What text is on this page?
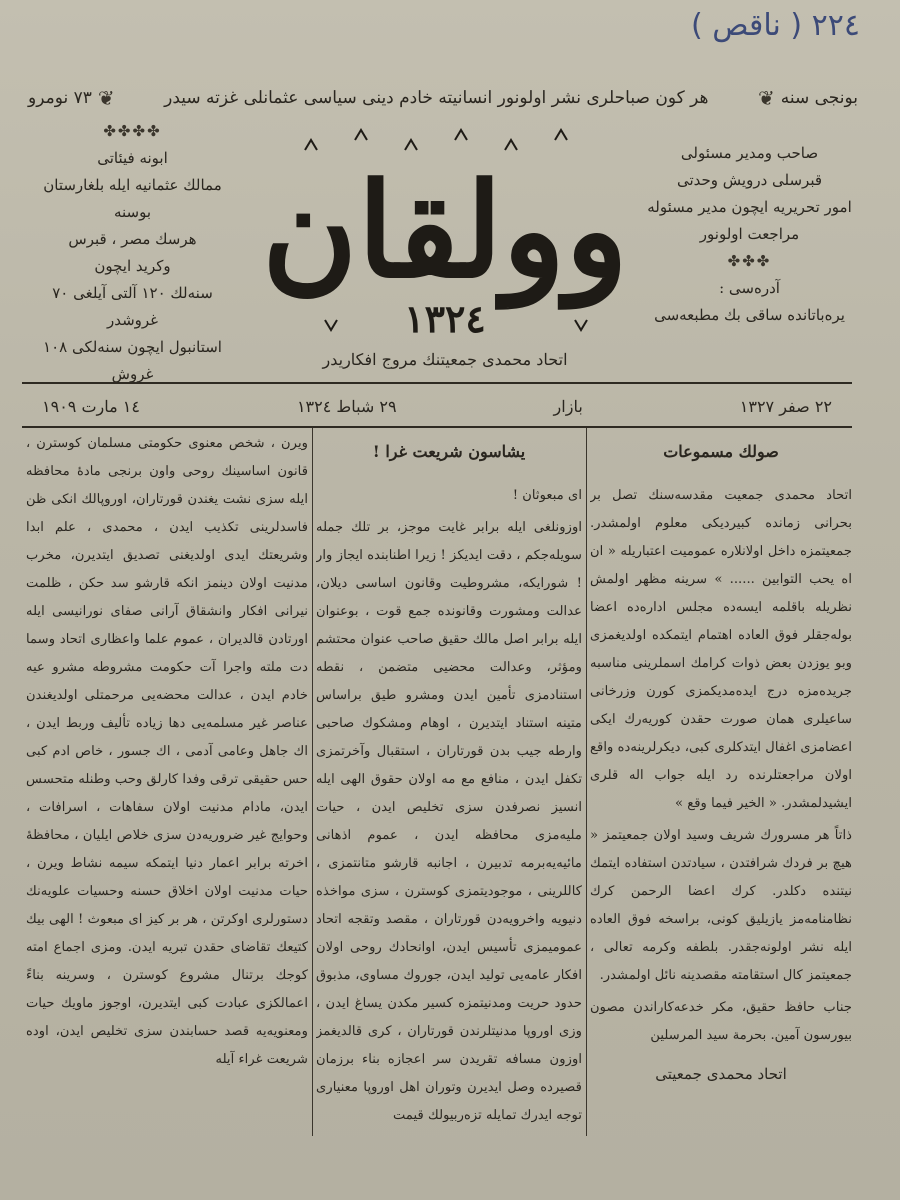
٢٢٤ ( ناقص )
بونجی سنه
❦
هر كون صباحلری نشر اولونور انسانیته خادم دینی سیاسی عثمانلی غزته سیدر
❦
٧٣ نومرو
✤✤✤✤
ابونه فیئاتی
ممالك عثمانیه ایله بلغارستان بوسنه
هرسك مصر ، قبرس
وكرید ایچون
سنه‌لك ١٢٠ آلتی آیلغی ٧٠
غروشدر
استانبول ایچون سنه‌لكی ١٠٨
غروش
صاحب ومدیر مسئولی
قبرسلی درویش وحدتی
امور تحریریه ایچون مدیر مسئوله
مراجعت اولونور
✤✤✤
آدره‌سی :
یره‌باتانده ساقی بك مطبعه‌سی
وولقان
١٣٢٤
اتحاد محمدی جمعیتنك مروج افكاریدر
٢٢ صفر ١٣٢٧
بازار
٢٩ شباط ١٣٢٤
١٤ مارت ١٩٠٩
صولك مسموعات

اتحاد محمدی جمعیت مقدسه‌سنك تصل بر بحرانی زمانده كبیردیكی معلوم اولمشدر. جمعیتمزه داخل اولانلاره عمومیت اعتباریله « ان اه یحب التوابین ...... » سرینه مظهر اولمش نظریله باقلمه ایسه‌ده مجلس اداره‌ده اعضا بوله‌جقلر فوق العاده اهتمام ایتمكده اولدیغمزی وبو یوزدن بعض ذوات كرامك اسملرینی مناسبه جریده‌مزه درج ایده‌مدیكمزی كورن وزرخانی ساعیلری همان صورت حقدن كوریه‌رك ایكی اعضامزی اغفال ایتدكلری كبی، دیكرلرینه‌ده واقع اولان مراجعتلرنده رد ایله جواب اله قلری ایشیدلمشدر. « الخیر فیما وقع »

ذاتاً هر مسرورك شریف وسید اولان جمعیتمز « هیچ بر فردك شرافتدن ، سیادتدن استفاده ایتمك نیتنده دكلدر. كرك اعضا الرحمن كرك نظامنامه‌مز یازیلیق كونی، براسخه فوق العاده ایله نشر اولونه‌جقدر. بلطفه وكرمه تعالی ، جمعیتمز كال استقامته مقصدینه نائل اولمشدر.

جناب حافظ حقیق، مكر خدعه‌كاراندن مصون بیورسون آمین. بحرمة سید المرسلین

اتحاد محمدی جمعیتی
یشاسون شریعت غرا !

ای مبعوثان !

اوزونلغی ایله برابر غایت موجز، بر تلك جمله سویله‌جكم ، دقت ایدیكز ! زیرا اطنابنده ایجاز وار ! شورایكه، مشروطیت وقانون اساسی دیلان، عدالت ومشورت وقانونده جمع قوت ، بوعنوان ایله برابر اصل مالك حقیق صاحب عنوان محتشم ومؤثر، وعدالت محضیی متضمن ، نقطه استنادمزی تأمین ایدن ومشرو طیق براساس متینه استناد ایتدیرن ، اوهام ومشكوك صاحبی وارطه جیب بدن قورتاران ، استقبال وآخرتمزی تكفل ایدن ، منافع مع مه اولان حقوق الهی ایله انسیز نصرفدن سزی تخلیص ایدن ، حیات ملیه‌مزی محافظه ایدن ، عموم اذهانی مائیه‌یه‌برمه‌ تدبیرن ، اجانبه قارشو متانتمزی ، كاللرینی ، موجودیتمزی كوسترن ، سزی مواخذه دنیویه‌ واخرویه‌دن قورتاران ، مقصد وتقجه اتحاد عمومیمزی تأسیس ایدن، اوانحادك روحی اولان افكار عامه‌یی تولید ایدن، جوروك مساوی، مذبوق حدود حریت ومدنیتمزه كسیر مكدن یساغ ایدن ، وزی اوروپا مدنیتلرندن قورتاران ، كری قالدیغمز اوزون مسافه تقریدن سر اعجازه‌ بناء برزمان قصیرده‌ وصل ایدیرن وتوران اهل اوروپا معنیاری توجه ایدرك تمایله تزه‌ربیولك قیمت

ویرن ، شخص معنوی حكومتی مسلمان كوسترن ، قانون اساسینك روحی واون برنجی مادهٔ محافظه ایله سزی نشت یغندن قورتاران، اوروپالك انكی ظن فاسدلرینی تكذیب ایدن ، محمدی ، علم ابدا وشریعتك ایدی اولدیغنی تصدیق ایتدیرن، مخرب مدنیت اولان دینمز انكه قارشو سد حكن ، ظلمت نیرانی افكار وانشقاق آرانی صفای نورانیسی ایله اورتادن قالدیران ، عموم علما واعظاری اتحاد وسما دت ملته واجرا آت حكومت مشروطه مشرو عیه خادم ایدن ، عدالت محضه‌یی مرحمتلی اولدیغندن عناصر غیر مسلمه‌یی دها زیاده تألیف وربط ایدن ، اك جاهل وعامی آدمی ، اك جسور ، خاص ادم كبی حس حقیقی ترقی وفدا كارلق وحب وطنله متحسس ایدن، مادام مدنیت اولان سفاهات ، اسرافات ، وحوایج غیر ضروریه‌دن سزی خلاص ایلیان ، محافظهٔ اخرته برابر اعمار دنیا ایتمكه سیمه نشاط ویرن ، حیات مدنیت اولان اخلاق حسنه وحسیات علویه‌نك دستورلری اوكرتن ، هر بر كیز ای مبعوث ! الهی بیك كتیعك تقاضای حقدن تبریه ایدن. ومزی اجماع امته كوجك برتنال مشروع كوسترن ، وسرینه بناءً اعمالكزی عبادت كبی ایتدیرن، اوجوز ماویك حیات ومعنویه‌یه قصد حسابندن سزی تخلیص ایدن، اوده شریعت غراء آیله
